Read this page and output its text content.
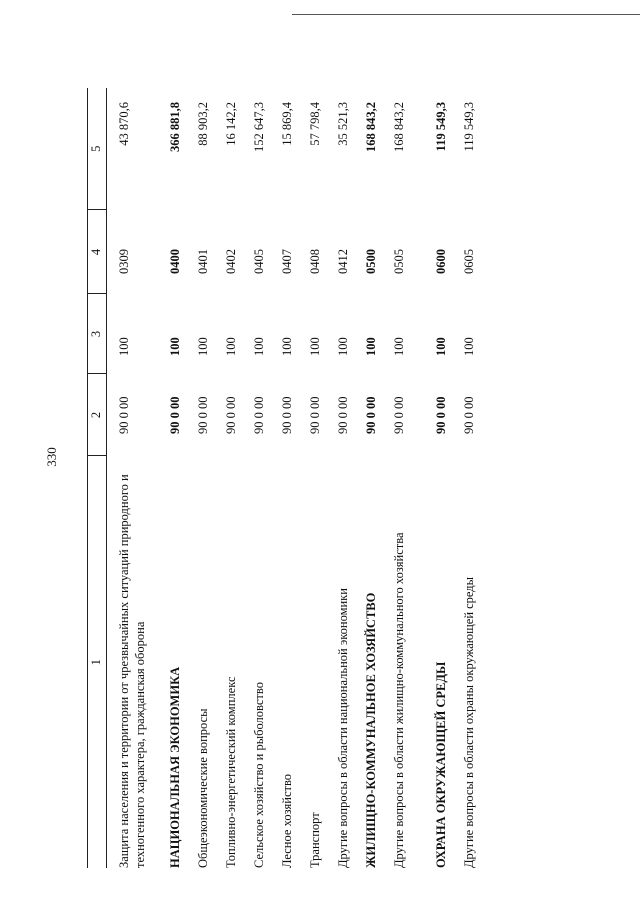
330
1	2	3	4	5
Защита населения и территории от чрезвычайных ситуаций природного и техногенного характера, гражданская оборона	90 0 00	100	0309	43 870,6
НАЦИОНАЛЬНАЯ ЭКОНОМИКА	90 0 00	100	0400	366 881,8
Общеэкономические вопросы	90 0 00	100	0401	88 903,2
Топливно-энергетический комплекс	90 0 00	100	0402	16 142,2
Сельское хозяйство и рыболовство	90 0 00	100	0405	152 647,3
Лесное хозяйство	90 0 00	100	0407	15 869,4
Транспорт	90 0 00	100	0408	57 798,4
Другие вопросы в области национальной экономики	90 0 00	100	0412	35 521,3
ЖИЛИЩНО-КОММУНАЛЬНОЕ ХОЗЯЙСТВО	90 0 00	100	0500	168 843,2
Другие вопросы в области жилищно-коммунального хозяйства	90 0 00	100	0505	168 843,2
ОХРАНА ОКРУЖАЮЩЕЙ СРЕДЫ	90 0 00	100	0600	119 549,3
Другие вопросы в области охраны окружающей среды	90 0 00	100	0605	119 549,3
